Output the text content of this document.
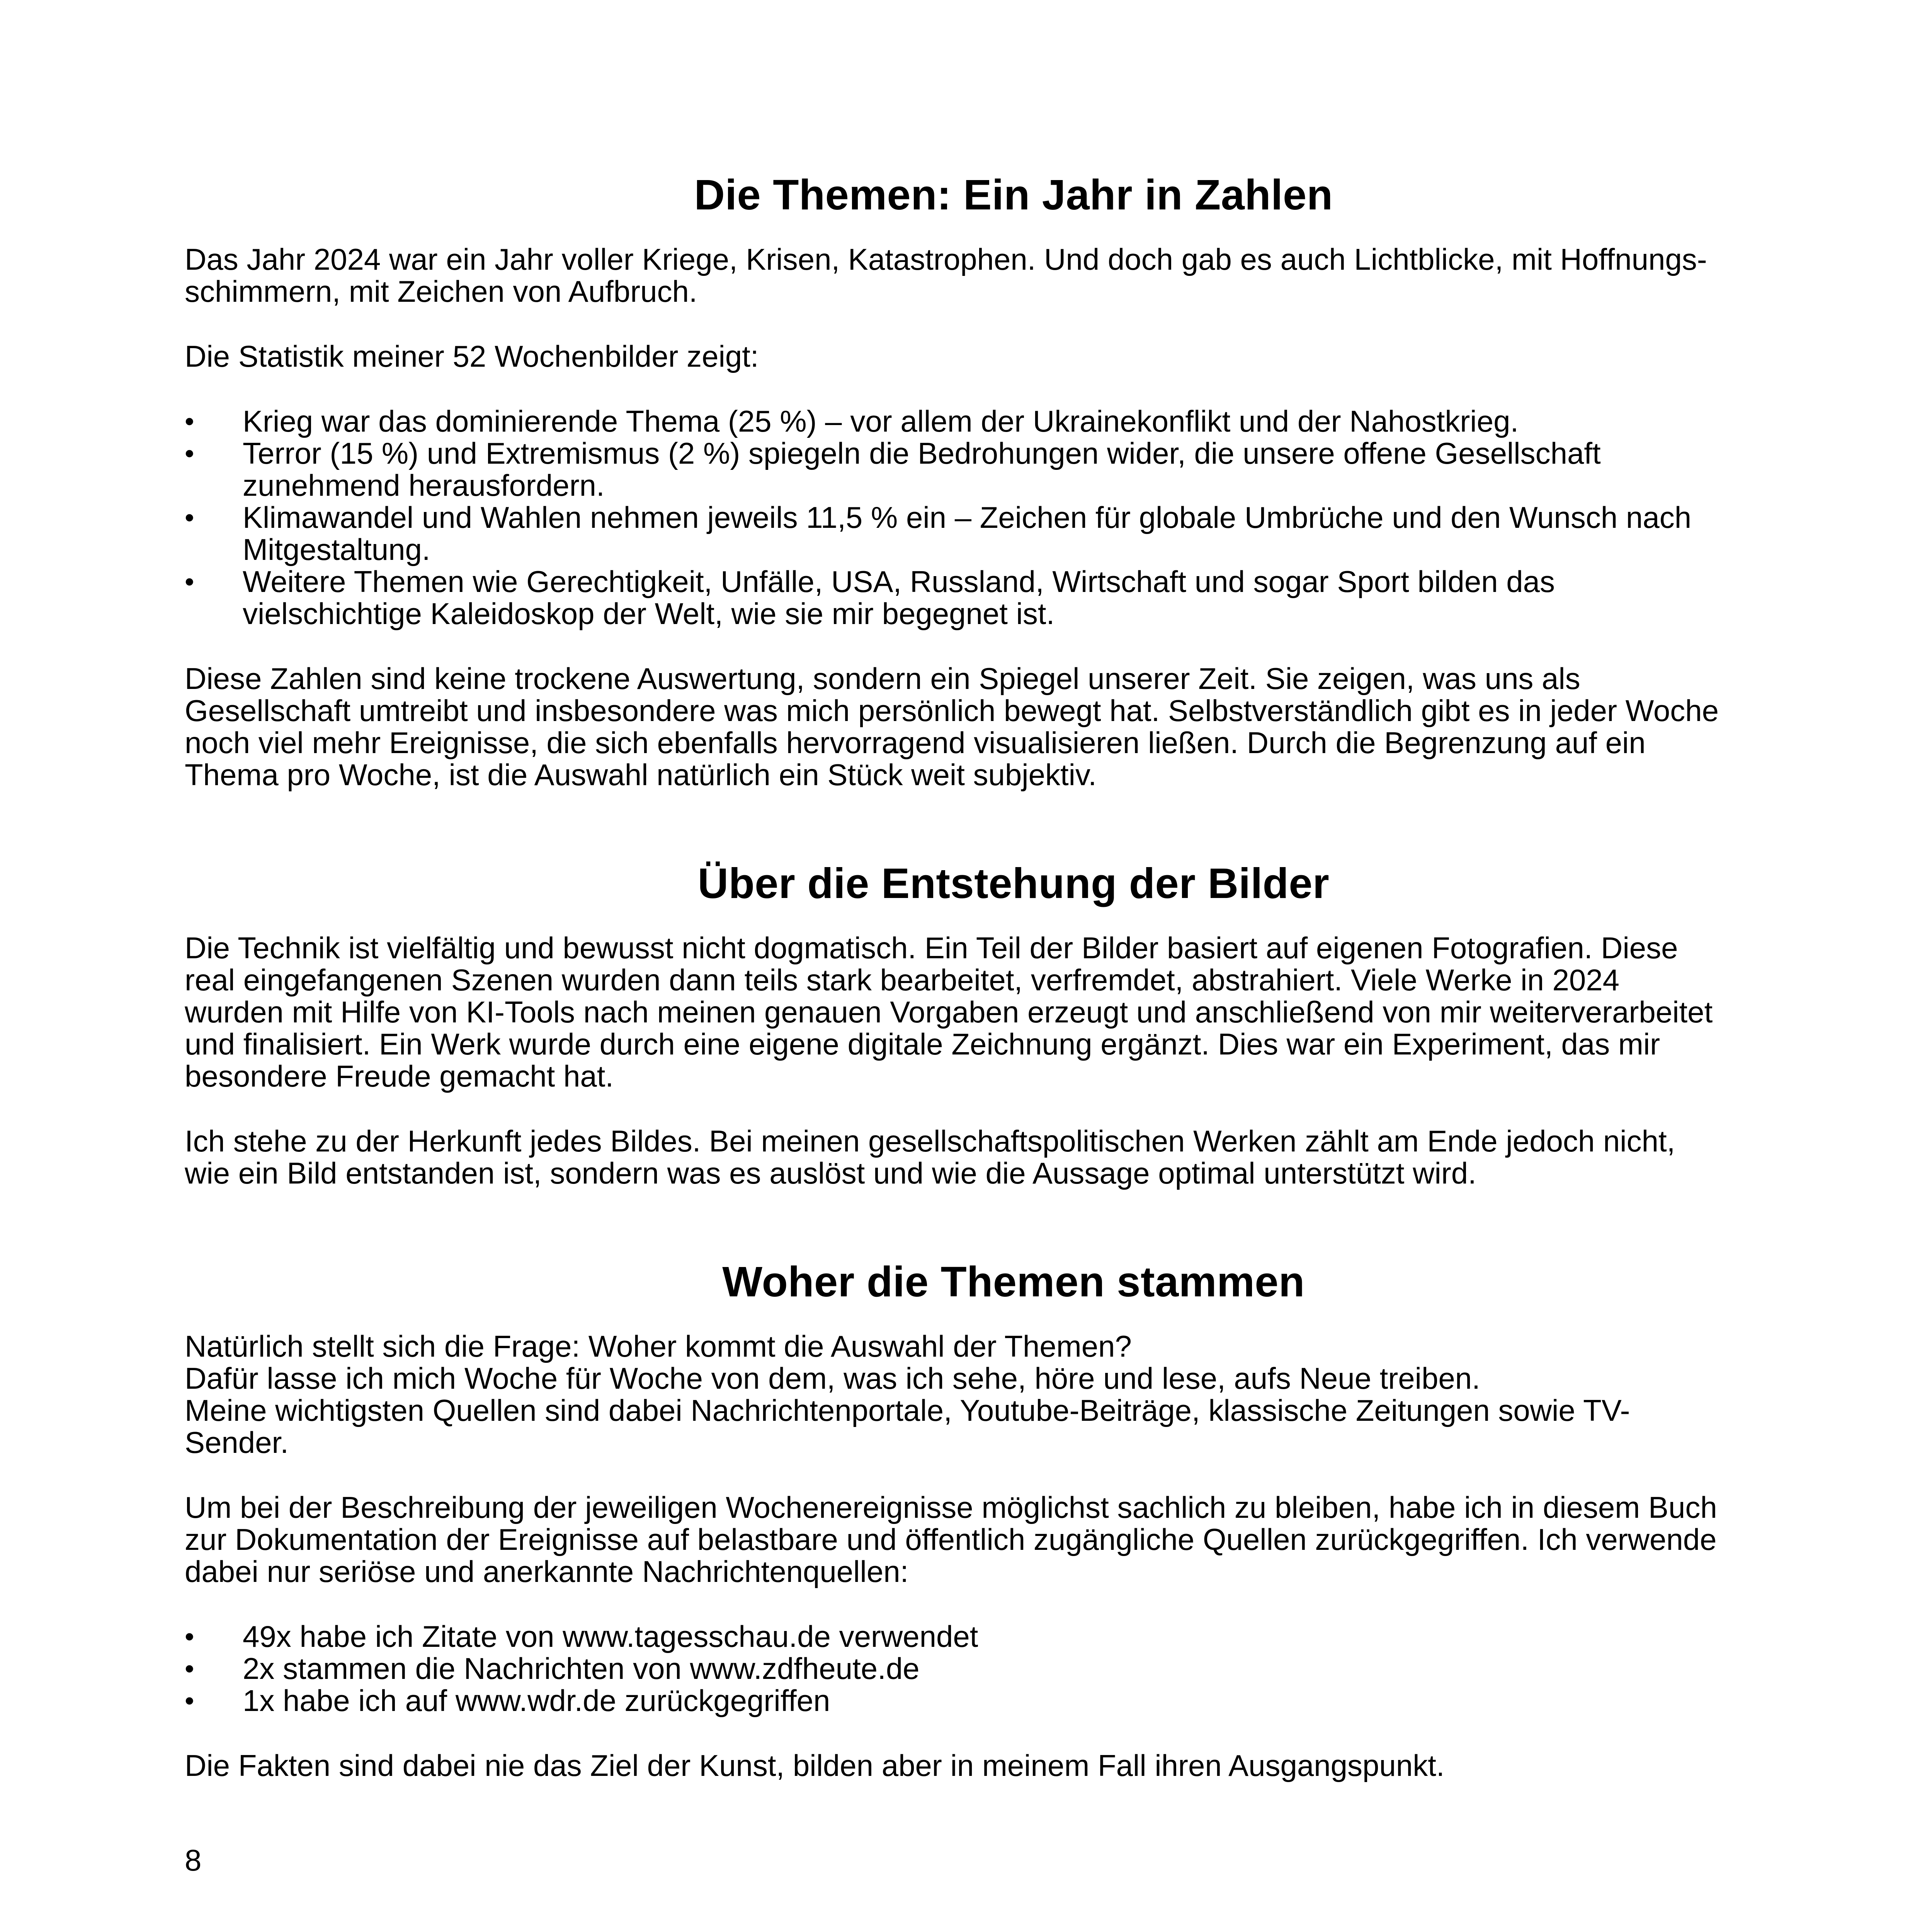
Die Themen: Ein Jahr in Zahlen

Das Jahr 2024 war ein Jahr voller Kriege, Krisen, Katastrophen. Und doch gab es auch Lichtblicke, mit Hoffnungs-
schimmern, mit Zeichen von Aufbruch.

Die Statistik meiner 52 Wochenbilder zeigt:

• Krieg war das dominierende Thema (25 %) – vor allem der Ukrainekonflikt und der Nahostkrieg.
• Terror (15 %) und Extremismus (2 %) spiegeln die Bedrohungen wider, die unsere offene Gesellschaft
zunehmend herausfordern.
• Klimawandel und Wahlen nehmen jeweils 11,5 % ein – Zeichen für globale Umbrüche und den Wunsch nach
Mitgestaltung.
• Weitere Themen wie Gerechtigkeit, Unfälle, USA, Russland, Wirtschaft und sogar Sport bilden das
vielschichtige Kaleidoskop der Welt, wie sie mir begegnet ist.

Diese Zahlen sind keine trockene Auswertung, sondern ein Spiegel unserer Zeit. Sie zeigen, was uns als
Gesellschaft umtreibt und insbesondere was mich persönlich bewegt hat. Selbstverständlich gibt es in jeder Woche
noch viel mehr Ereignisse, die sich ebenfalls hervorragend visualisieren ließen. Durch die Begrenzung auf ein
Thema pro Woche, ist die Auswahl natürlich ein Stück weit subjektiv.

Über die Entstehung der Bilder

Die Technik ist vielfältig und bewusst nicht dogmatisch. Ein Teil der Bilder basiert auf eigenen Fotografien. Diese
real eingefangenen Szenen wurden dann teils stark bearbeitet, verfremdet, abstrahiert. Viele Werke in 2024
wurden mit Hilfe von KI-Tools nach meinen genauen Vorgaben erzeugt und anschließend von mir weiterverarbeitet
und finalisiert. Ein Werk wurde durch eine eigene digitale Zeichnung ergänzt. Dies war ein Experiment, das mir
besondere Freude gemacht hat.

Ich stehe zu der Herkunft jedes Bildes. Bei meinen gesellschaftspolitischen Werken zählt am Ende jedoch nicht,
wie ein Bild entstanden ist, sondern was es auslöst und wie die Aussage optimal unterstützt wird.

Woher die Themen stammen

Natürlich stellt sich die Frage: Woher kommt die Auswahl der Themen?
Dafür lasse ich mich Woche für Woche von dem, was ich sehe, höre und lese, aufs Neue treiben.
Meine wichtigsten Quellen sind dabei Nachrichtenportale, Youtube-Beiträge, klassische Zeitungen sowie TV-
Sender.

Um bei der Beschreibung der jeweiligen Wochenereignisse möglichst sachlich zu bleiben, habe ich in diesem Buch
zur Dokumentation der Ereignisse auf belastbare und öffentlich zugängliche Quellen zurückgegriffen. Ich verwende
dabei nur seriöse und anerkannte Nachrichtenquellen:

• 49x habe ich Zitate von www.tagesschau.de verwendet
• 2x stammen die Nachrichten von www.zdfheute.de
• 1x habe ich auf www.wdr.de zurückgegriffen

Die Fakten sind dabei nie das Ziel der Kunst, bilden aber in meinem Fall ihren Ausgangspunkt.

8
